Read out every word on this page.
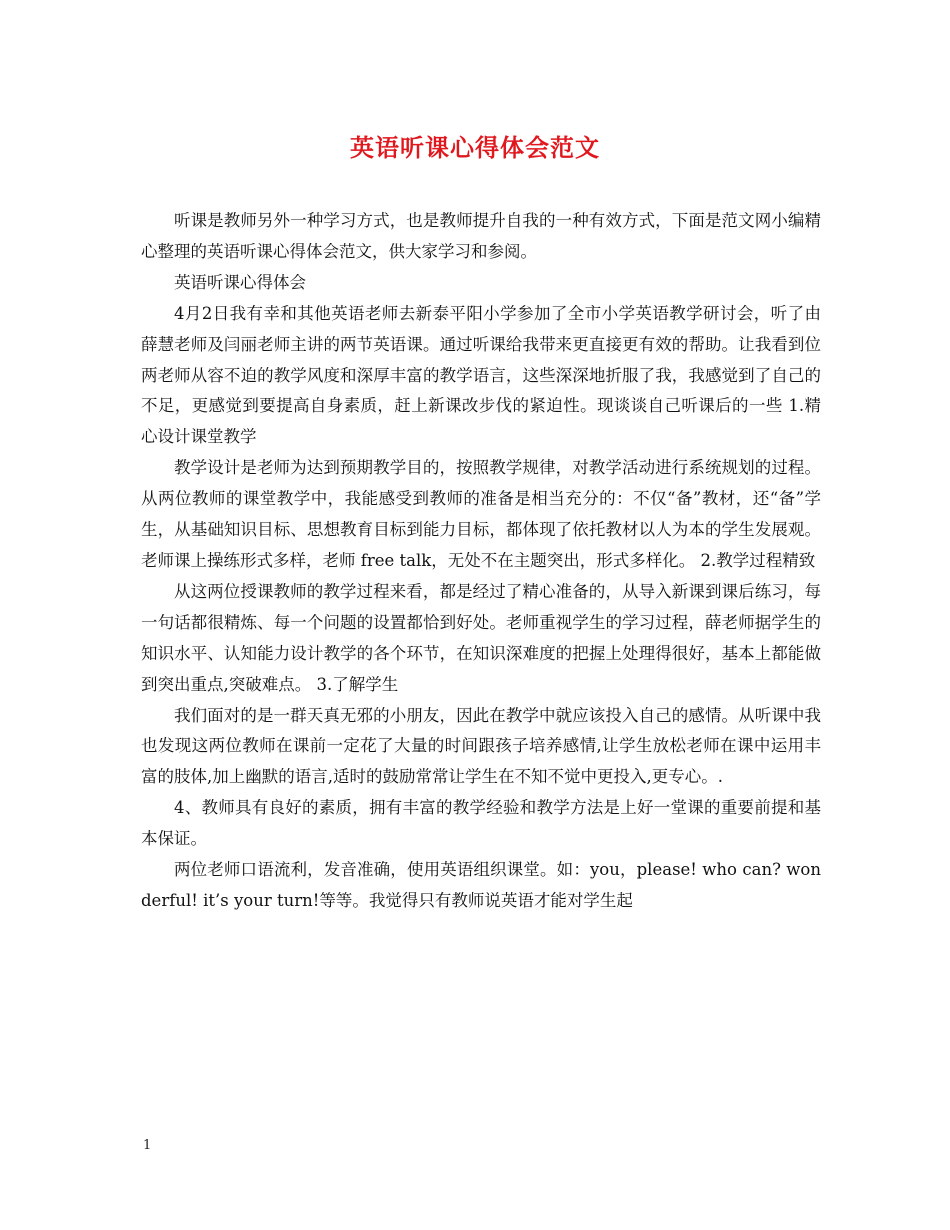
英语听课心得体会范文

听课是教师另外一种学习方式，也是教师提升自我的一种有效方式，下面是范文网小编精心整理的英语听课心得体会范文，供大家学习和参阅。

英语听课心得体会

4月2日我有幸和其他英语老师去新泰平阳小学参加了全市小学英语教学研讨会，听了由薛慧老师及闫丽老师主讲的两节英语课。通过听课给我带来更直接更有效的帮助。让我看到位两老师从容不迫的教学风度和深厚丰富的教学语言，这些深深地折服了我，我感觉到了自己的不足，更感觉到要提高自身素质，赶上新课改步伐的紧迫性。现谈谈自己听课后的一些 1.精心设计课堂教学

教学设计是老师为达到预期教学目的，按照教学规律，对教学活动进行系统规划的过程。从两位教师的课堂教学中，我能感受到教师的准备是相当充分的：不仅“备”教材，还“备”学生，从基础知识目标、思想教育目标到能力目标，都体现了依托教材以人为本的学生发展观。老师课上操练形式多样，老师 free talk，无处不在主题突出，形式多样化。 2.教学过程精致

从这两位授课教师的教学过程来看，都是经过了精心准备的，从导入新课到课后练习，每一句话都很精炼、每一个问题的设置都恰到好处。老师重视学生的学习过程，薛老师据学生的知识水平、认知能力设计教学的各个环节，在知识深难度的把握上处理得很好，基本上都能做到突出重点,突破难点。 3.了解学生

我们面对的是一群天真无邪的小朋友，因此在教学中就应该投入自己的感情。从听课中我也发现这两位教师在课前一定花了大量的时间跟孩子培养感情,让学生放松老师在课中运用丰富的肢体,加上幽默的语言,适时的鼓励常常让学生在不知不觉中更投入,更专心。.

4、教师具有良好的素质，拥有丰富的教学经验和教学方法是上好一堂课的重要前提和基本保证。

两位老师口语流利，发音准确，使用英语组织课堂。如：you，please! who can? wonderful! it’s your turn!等等。我觉得只有教师说英语才能对学生起

1
